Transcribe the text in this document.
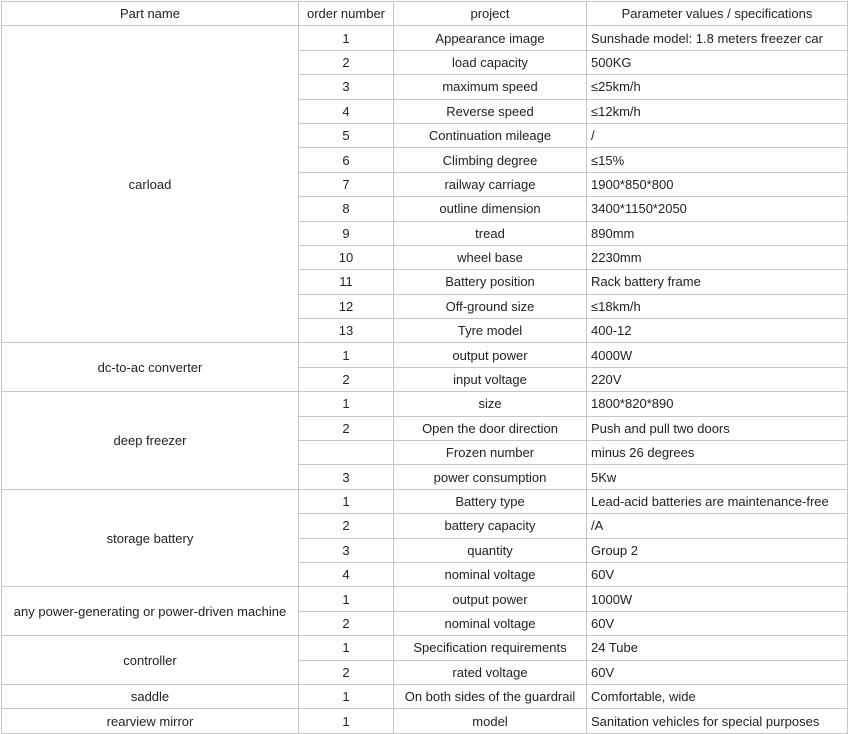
Part name	order number	project	Parameter values / specifications
carload	1	Appearance image	Sunshade model: 1.8 meters freezer car
	2	load capacity	500KG
	3	maximum speed	≤25km/h
	4	Reverse speed	≤12km/h
	5	Continuation mileage	/
	6	Climbing degree	≤15%
	7	railway carriage	1900*850*800
	8	outline dimension	3400*1150*2050
	9	tread	890mm
	10	wheel base	2230mm
	11	Battery position	Rack battery frame
	12	Off-ground size	≤18km/h
	13	Tyre model	400-12
dc-to-ac converter	1	output power	4000W
	2	input voltage	220V
deep freezer	1	size	1800*820*890
	2	Open the door direction	Push and pull two doors
		Frozen number	minus 26 degrees
	3	power consumption	5Kw
storage battery	1	Battery type	Lead-acid batteries are maintenance-free
	2	battery capacity	/A
	3	quantity	Group 2
	4	nominal voltage	60V
any power-generating or power-driven machine	1	output power	1000W
	2	nominal voltage	60V
controller	1	Specification requirements	24 Tube
	2	rated voltage	60V
saddle	1	On both sides of the guardrail	Comfortable, wide
rearview mirror	1	model	Sanitation vehicles for special purposes
